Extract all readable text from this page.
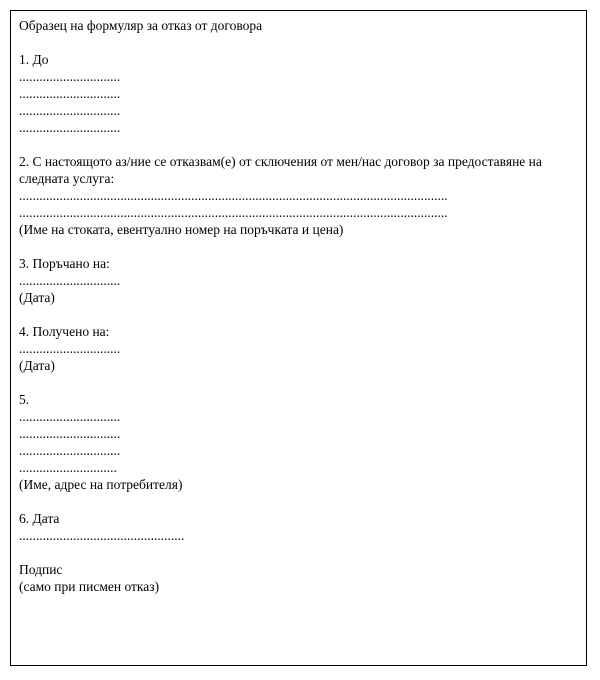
Образец на формуляр за отказ от договора
1. До
..............................
..............................
..............................
..............................
2. С настоящото аз/ние се отказвам(е) от сключения от мен/нас договор за предоставяне на следната услуга:
...............................................................................................................................
...............................................................................................................................
(Име на стоката, евентуално номер на поръчката и цена)
3. Поръчано на:
..............................
(Дата)
4. Получено на:
..............................
(Дата)
5.
..............................
..............................
..............................
.............................
(Име, адрес на потребителя)
6. Дата
.................................................
Подпис
(само при писмен отказ)
